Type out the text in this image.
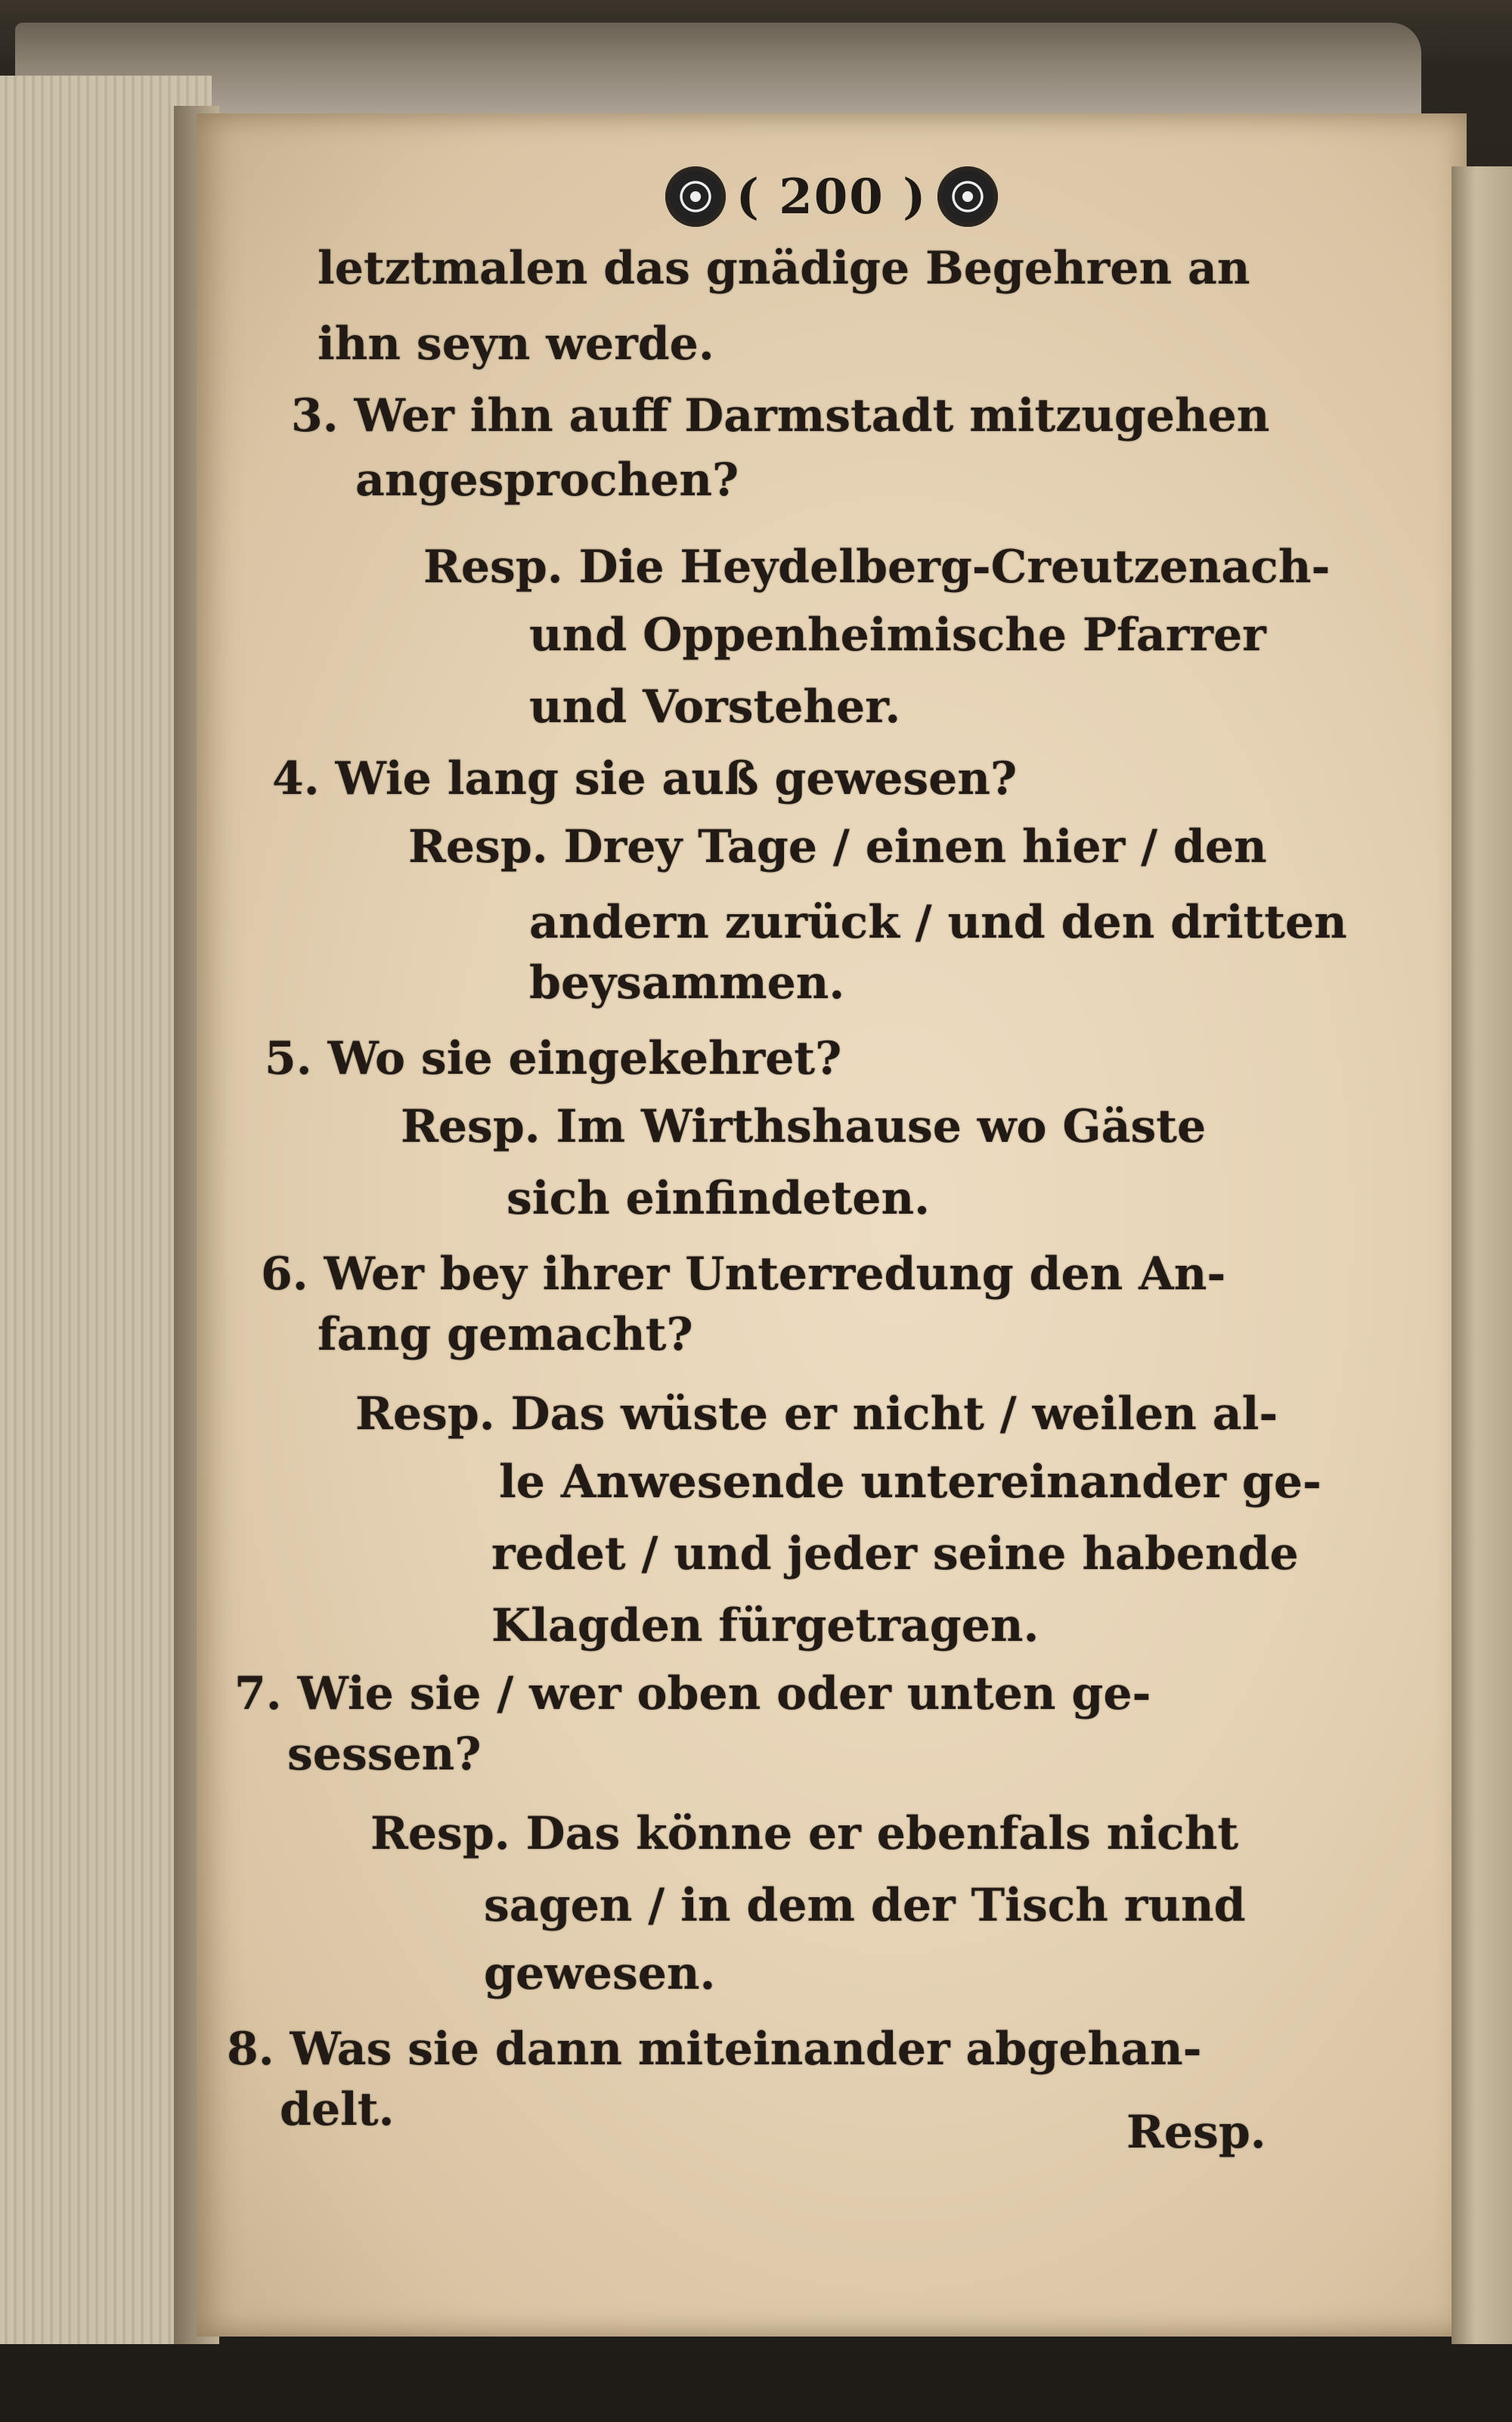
( 200 )
letztmalen das gnädige Begehren an
ihn seyn werde.
3. Wer ihn auff Darmstadt mitzugehen
angesprochen?
Resp. Die Heydelberg-Creutzenach-
und Oppenheimische Pfarrer
und Vorsteher.
4. Wie lang sie auß gewesen?
Resp. Drey Tage / einen hier / den
andern zurück / und den dritten
beysammen.
5. Wo sie eingekehret?
Resp. Im Wirthshause wo Gäste
sich einfindeten.
6. Wer bey ihrer Unterredung den An-
fang gemacht?
Resp. Das wüste er nicht / weilen al-
le Anwesende untereinander ge-
redet / und jeder seine habende
Klagden fürgetragen.
7. Wie sie / wer oben oder unten ge-
sessen?
Resp. Das könne er ebenfals nicht
sagen / in dem der Tisch rund
gewesen.
8. Was sie dann miteinander abgehan-
delt.	Resp.
